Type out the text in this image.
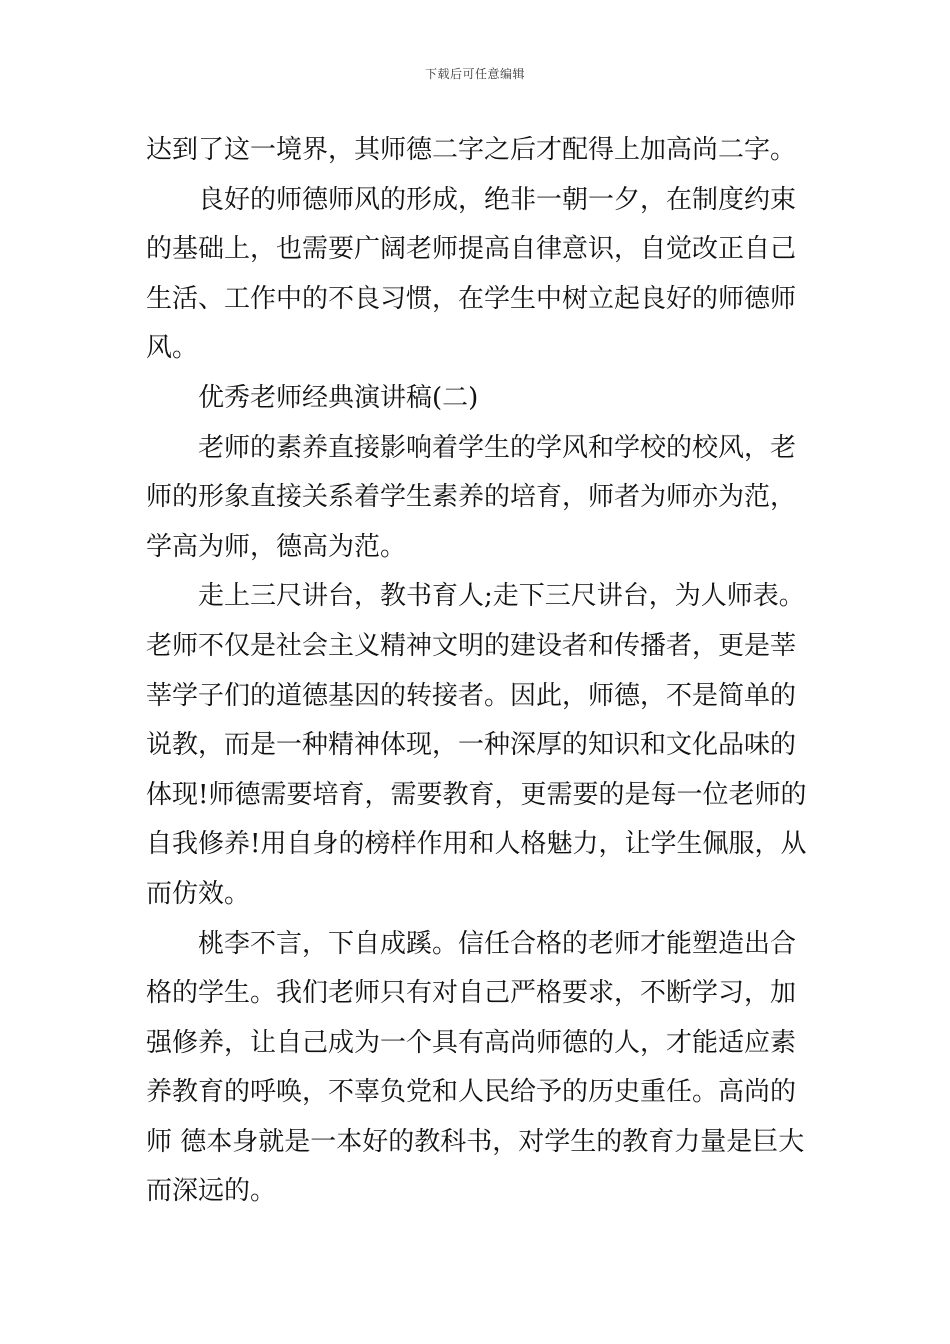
下载后可任意编辑
达到了这一境界，其师德二字之后才配得上加高尚二字。
良好的师德师风的形成，绝非一朝一夕，在制度约束
的基础上，也需要广阔老师提高自律意识，自觉改正自己
生活、工作中的不良习惯，在学生中树立起良好的师德师
风。
优秀老师经典演讲稿(二)
老师的素养直接影响着学生的学风和学校的校风，老
师的形象直接关系着学生素养的培育，师者为师亦为范，
学高为师，德高为范。
走上三尺讲台，教书育人;走下三尺讲台，为人师表。
老师不仅是社会主义精神文明的建设者和传播者，更是莘
莘学子们的道德基因的转接者。因此，师德，不是简单的
说教，而是一种精神体现，一种深厚的知识和文化品味的
体现!师德需要培育，需要教育，更需要的是每一位老师的
自我修养!用自身的榜样作用和人格魅力，让学生佩服，从
而仿效。
桃李不言，下自成蹊。信任合格的老师才能塑造出合
格的学生。我们老师只有对自己严格要求，不断学习，加
强修养，让自己成为一个具有高尚师德的人，才能适应素
养教育的呼唤，不辜负党和人民给予的历史重任。高尚的
师 德本身就是一本好的教科书，对学生的教育力量是巨大
而深远的。
